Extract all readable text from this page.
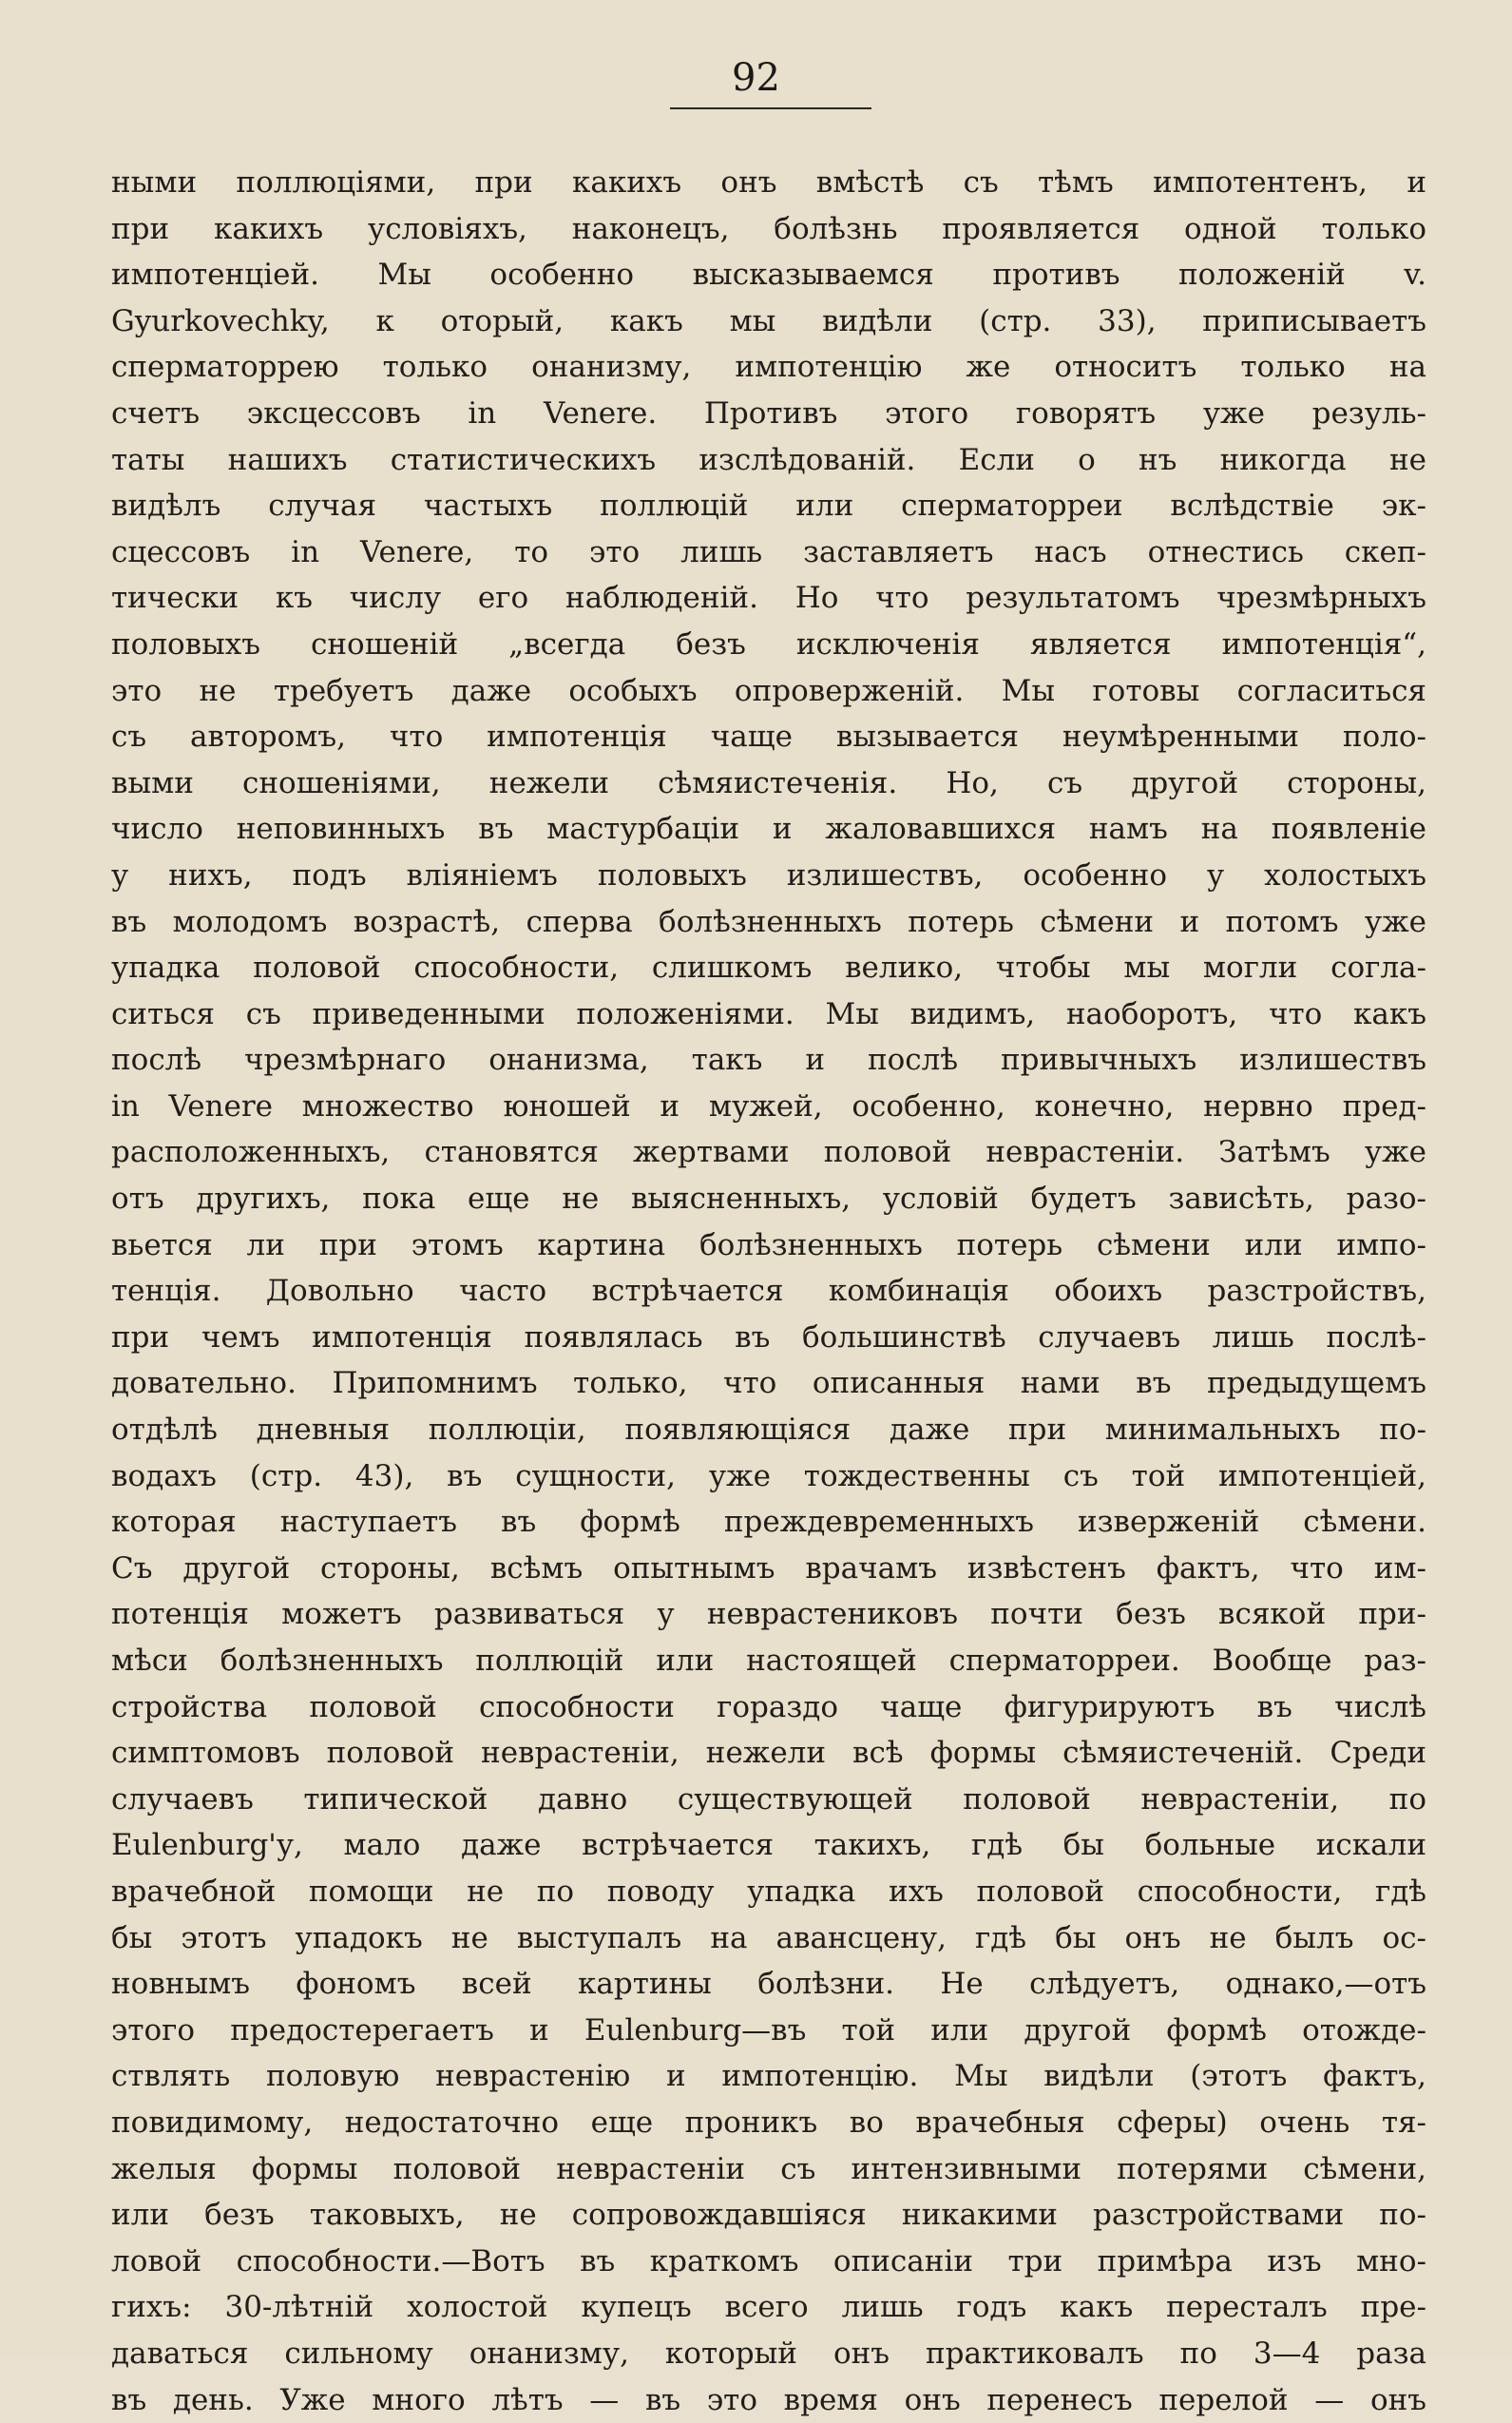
92
ными поллюціями, при какихъ онъ вмѣстѣ съ тѣмъ импотентенъ, и
при какихъ условіяхъ, наконецъ, болѣзнь проявляется одной только
импотенціей. Мы особенно высказываемся противъ положеній v.
Gyurkovechky, к оторый, какъ мы видѣли (стр. 33), приписываетъ
сперматоррею только онанизму, импотенцію же относитъ только на
счетъ эксцессовъ in Venere. Противъ этого говорятъ уже резуль-
таты нашихъ статистическихъ изслѣдованій. Если о нъ никогда не
видѣлъ случая частыхъ поллюцій или сперматорреи вслѣдствіе эк-
сцессовъ in Venere, то это лишь заставляетъ насъ отнестись скеп-
тически къ числу его наблюденій. Но что результатомъ чрезмѣрныхъ
половыхъ сношеній „всегда безъ исключенія является импотенція“,
это не требуетъ даже особыхъ опроверженій. Мы готовы согласиться
съ авторомъ, что импотенція чаще вызывается неумѣренными поло-
выми сношеніями, нежели сѣмяистеченія. Но, съ другой стороны,
число неповинныхъ въ мастурбаціи и жаловавшихся намъ на появленіе
у нихъ, подъ вліяніемъ половыхъ излишествъ, особенно у холостыхъ
въ молодомъ возрастѣ, сперва болѣзненныхъ потерь сѣмени и потомъ уже
упадка половой способности, слишкомъ велико, чтобы мы могли согла-
ситься съ приведенными положеніями. Мы видимъ, наоборотъ, что какъ
послѣ чрезмѣрнаго онанизма, такъ и послѣ привычныхъ излишествъ
in Venere множество юношей и мужей, особенно, конечно, нервно пред-
расположенныхъ, становятся жертвами половой неврастеніи. Затѣмъ уже
отъ другихъ, пока еще не выясненныхъ, условій будетъ зависѣть, разо-
вьется ли при этомъ картина болѣзненныхъ потерь сѣмени или импо-
тенція. Довольно часто встрѣчается комбинація обоихъ разстройствъ,
при чемъ импотенція появлялась въ большинствѣ случаевъ лишь послѣ-
довательно. Припомнимъ только, что описанныя нами въ предыдущемъ
отдѣлѣ дневныя поллюціи, появляющіяся даже при минимальныхъ по-
водахъ (стр. 43), въ сущности, уже тождественны съ той импотенціей,
которая наступаетъ въ формѣ преждевременныхъ изверженій сѣмени.
Съ другой стороны, всѣмъ опытнымъ врачамъ извѣстенъ фактъ, что им-
потенція можетъ развиваться у неврастениковъ почти безъ всякой при-
мѣси болѣзненныхъ поллюцій или настоящей сперматорреи. Вообще раз-
стройства половой способности гораздо чаще фигурируютъ въ числѣ
симптомовъ половой неврастеніи, нежели всѣ формы сѣмяистеченій. Среди
случаевъ типической давно существующей половой неврастеніи, по
Eulenburg'у, мало даже встрѣчается такихъ, гдѣ бы больные искали
врачебной помощи не по поводу упадка ихъ половой способности, гдѣ
бы этотъ упадокъ не выступалъ на авансцену, гдѣ бы онъ не былъ ос-
новнымъ фономъ всей картины болѣзни. Не слѣдуетъ, однако,—отъ
этого предостерегаетъ и Eulenburg—въ той или другой формѣ отожде-
ствлять половую неврастенію и импотенцію. Мы видѣли (этотъ фактъ,
повидимому, недостаточно еще проникъ во врачебныя сферы) очень тя-
желыя формы половой неврастеніи съ интензивными потерями сѣмени,
или безъ таковыхъ, не сопровождавшіяся никакими разстройствами по-
ловой способности.—Вотъ въ краткомъ описаніи три примѣра изъ мно-
гихъ: 30-лѣтній холостой купецъ всего лишь годъ какъ пересталъ пре-
даваться сильному онанизму, который онъ практиковалъ по 3—4 раза
въ день. Уже много лѣтъ — въ это время онъ перенесъ перелой — онъ
